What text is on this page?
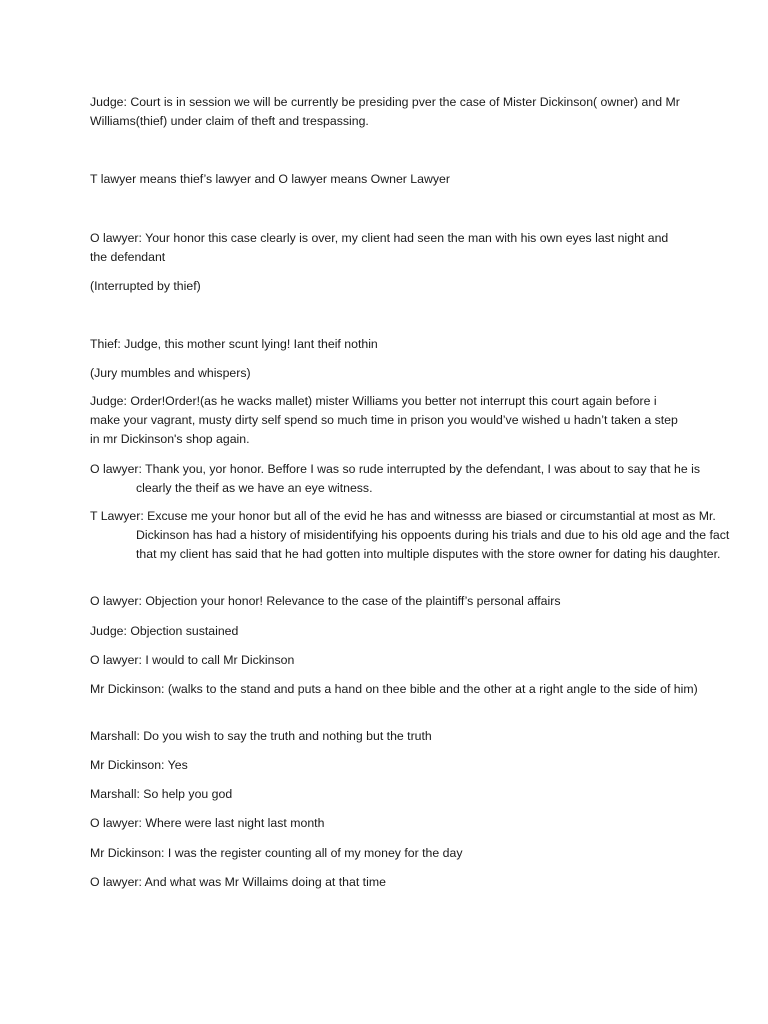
Judge: Court is in session we will be currently be presiding pver the case of Mister Dickinson( owner) and Mr Williams(thief) under claim of theft and trespassing.

T lawyer means thief’s lawyer and O lawyer means Owner Lawyer

O lawyer: Your honor this case clearly is over, my client had seen the man with his own eyes last night and the defendant

(Interrupted by thief)

Thief: Judge, this mother scunt lying! Iant theif nothin

(Jury mumbles and whispers)

Judge: Order!Order!(as he wacks mallet) mister Williams you better not interrupt this court again before i make your vagrant, musty dirty self spend so much time in prison you would’ve wished u hadn’t taken a step in mr Dickinson's shop again.

O lawyer: Thank you, yor honor. Beffore I was so rude interrupted by the defendant, I was about to say that he is clearly the theif as we have an eye witness.

T Lawyer: Excuse me your honor but all of the evid he has and witnesss are biased or circumstantial at most as Mr. Dickinson has had a history of misidentifying his oppoents during his trials and due to his old age and the fact that my client has said that he had gotten into multiple disputes with the store owner for dating his daughter.

O lawyer: Objection your honor! Relevance to the case of the plaintiff’s personal affairs

Judge: Objection sustained

O lawyer: I would to call Mr Dickinson

Mr Dickinson: (walks to the stand and puts a hand on thee bible and the other at a right angle to the side of him)

Marshall: Do you wish to say the truth and nothing but the truth

Mr Dickinson: Yes

Marshall: So help you god

O lawyer: Where were last night last month

Mr Dickinson: I was the register counting all of my money for the day

O lawyer: And what was Mr Willaims doing at that time
